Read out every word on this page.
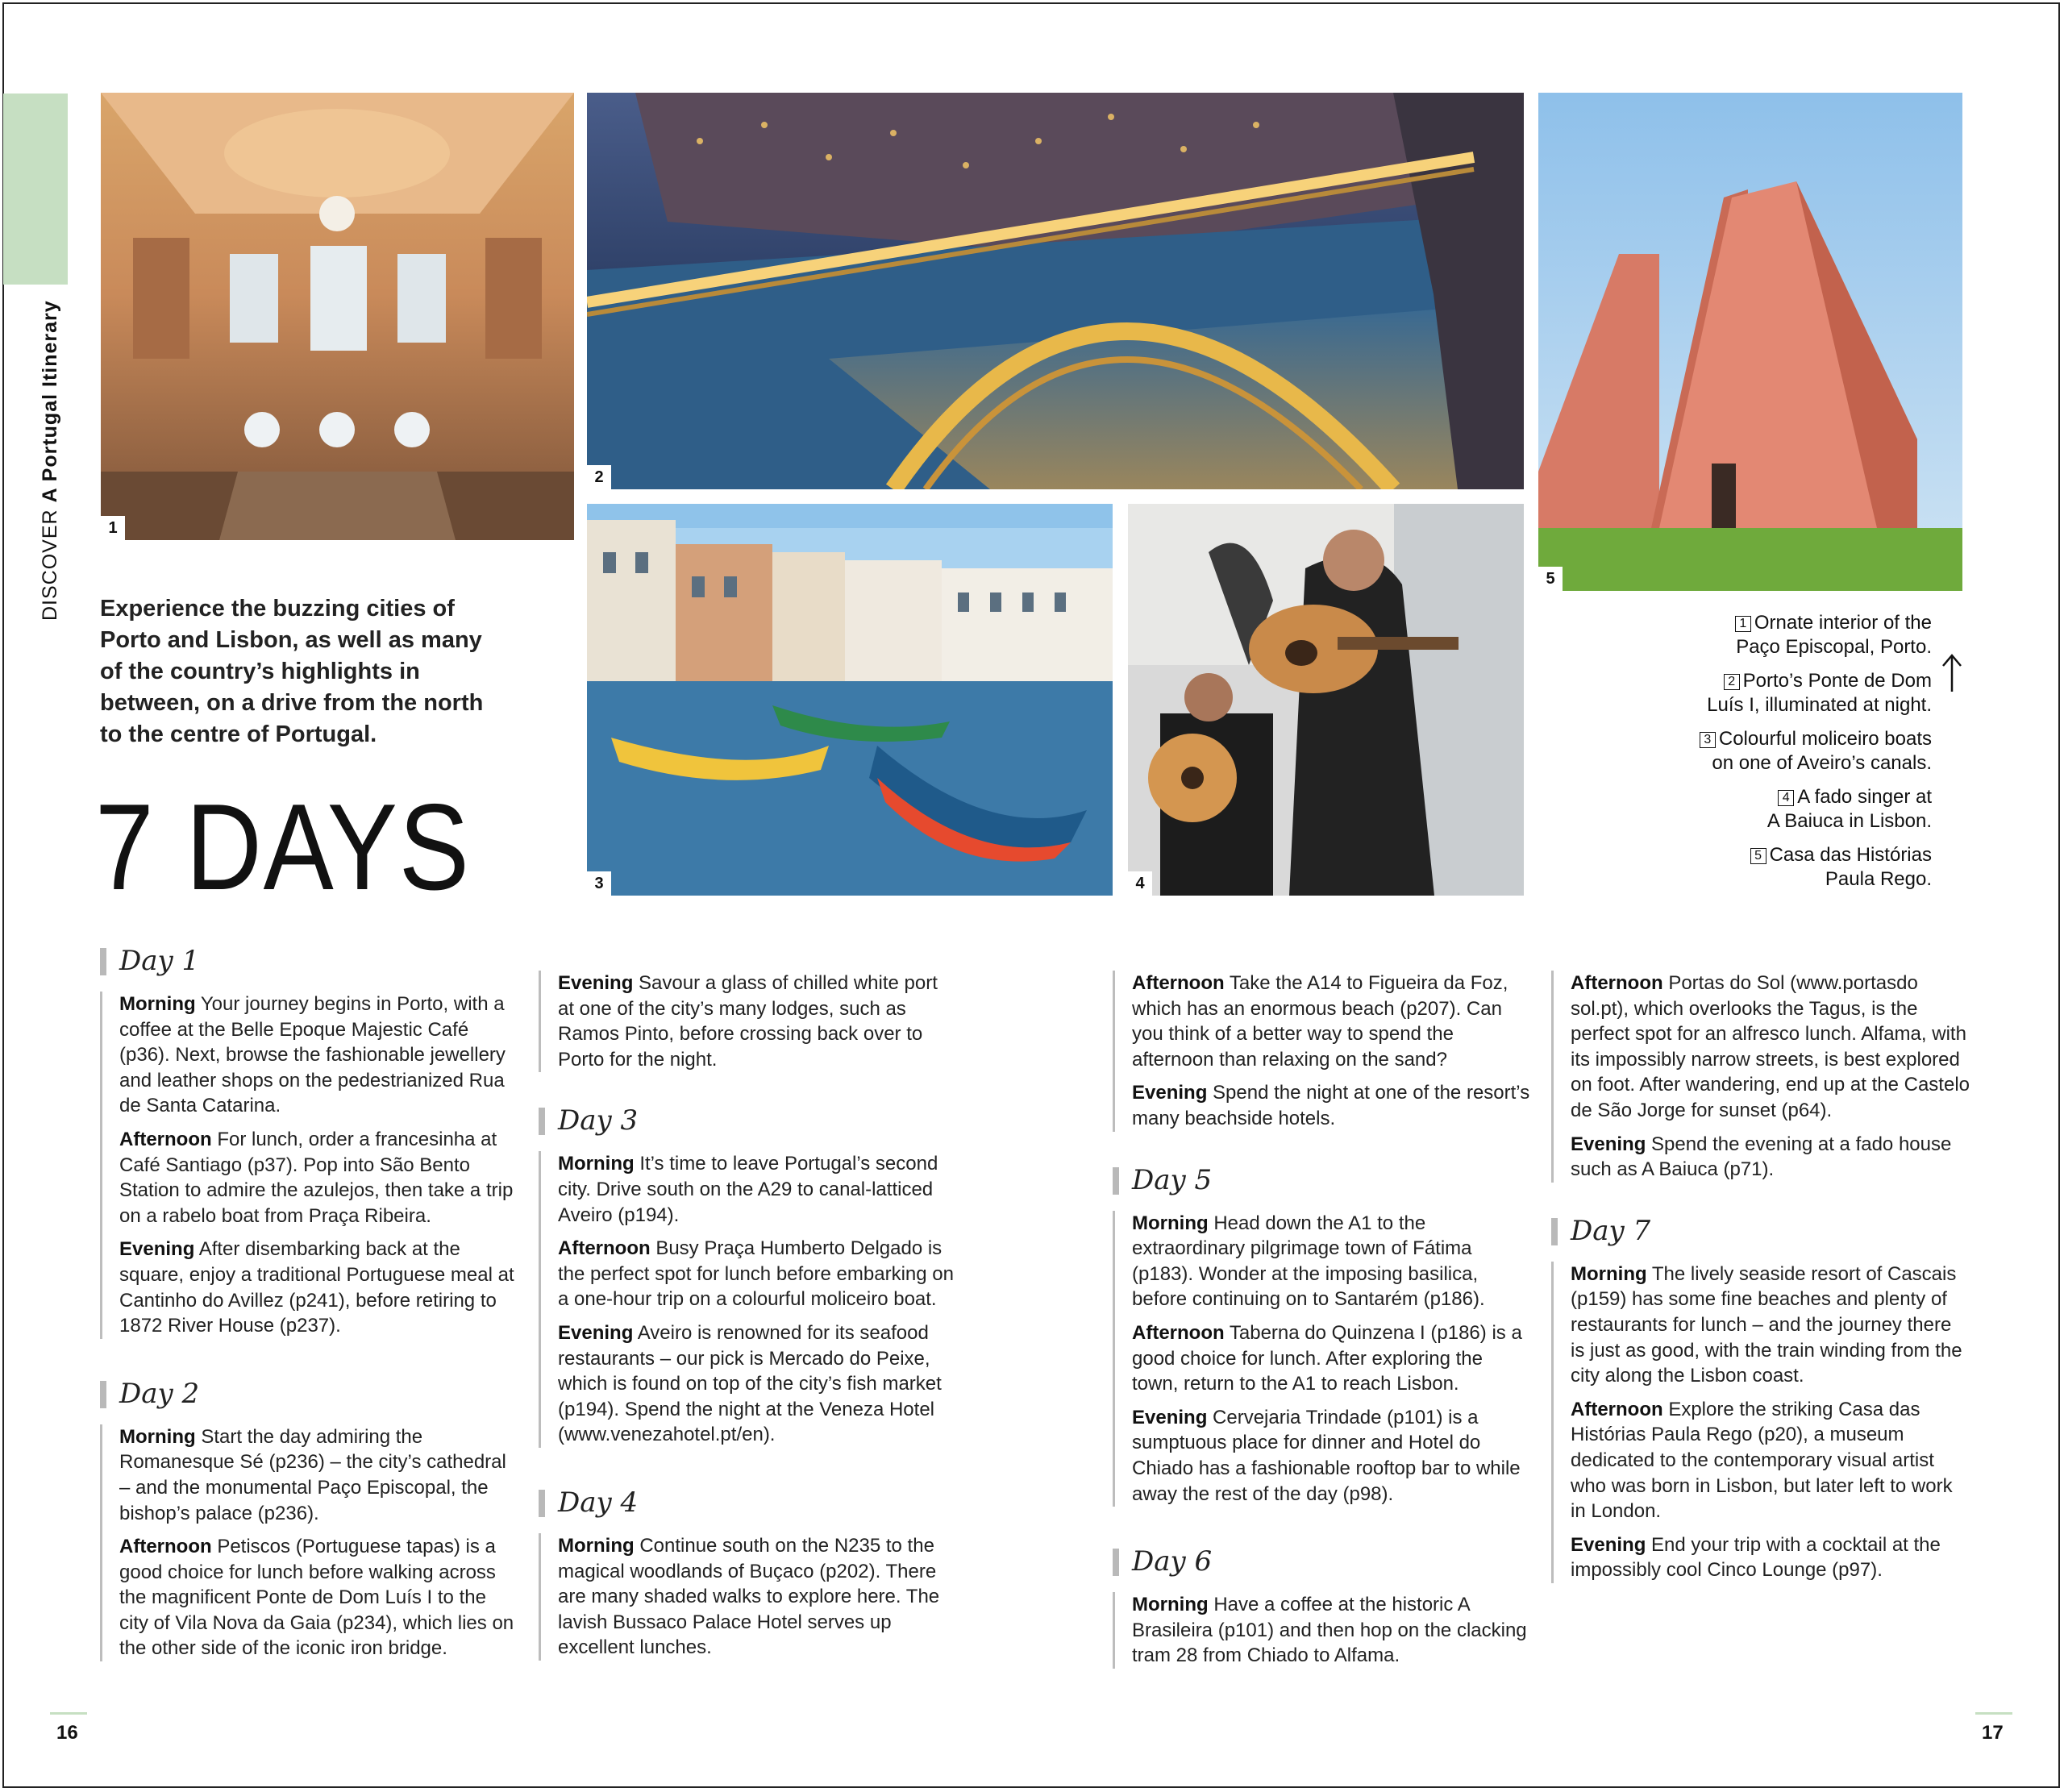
DISCOVERA Portugal Itinerary
1
2
3	4
5
Experience the buzzing cities of Porto and Lisbon, as well as many of the country’s highlights in between, on a drive from the north to the centre of Portugal.
7 DAYS
1 Ornate interior of the
Paço Episcopal, Porto.
2 Porto’s Ponte de Dom
Luís I, illuminated at night.
3 Colourful moliceiro boats
on one of Aveiro’s canals.
4 A fado singer at
A Baiuca in Lisbon.
5 Casa das Histórias
Paula Rego.
Day 1

Morning Your journey begins in Porto, with a coffee at the Belle Epoque Majestic Café (p36). Next, browse the fashionable jewellery and leather shops on the pedestrianized Rua de Santa Catarina.

Afternoon For lunch, order a francesinha at Café Santiago (p37). Pop into São Bento Station to admire the azulejos, then take a trip on a rabelo boat from Praça Ribeira.

Evening After disembarking back at the square, enjoy a traditional Portuguese meal at Cantinho do Avillez (p241), before retiring to 1872 River House (p237).

Day 2

Morning Start the day admiring the Romanesque Sé (p236) – the city’s cathedral – and the monumental Paço Episcopal, the bishop’s palace (p236).

Afternoon Petiscos (Portuguese tapas) is a good choice for lunch before walking across the magnificent Ponte de Dom Luís I to the city of Vila Nova da Gaia (p234), which lies on the other side of the iconic iron bridge.

Evening Savour a glass of chilled white port at one of the city’s many lodges, such as Ramos Pinto, before crossing back over to Porto for the night.

Day 3

Morning It’s time to leave Portugal’s second city. Drive south on the A29 to canal-latticed Aveiro (p194).

Afternoon Busy Praça Humberto Delgado is the perfect spot for lunch before embarking on a one-hour trip on a colourful moliceiro boat.

Evening Aveiro is renowned for its seafood restaurants – our pick is Mercado do Peixe, which is found on top of the city’s fish market (p194). Spend the night at the Veneza Hotel (www.venezahotel.pt/en).

Day 4

Morning Continue south on the N235 to the magical woodlands of Buçaco (p202). There are many shaded walks to explore here. The lavish Bussaco Palace Hotel serves up excellent lunches.

Afternoon Take the A14 to Figueira da Foz, which has an enormous beach (p207). Can you think of a better way to spend the afternoon than relaxing on the sand?

Evening Spend the night at one of the resort’s many beachside hotels.

Day 5

Morning Head down the A1 to the extraordinary pilgrimage town of Fátima (p183). Wonder at the imposing basilica, before continuing on to Santarém (p186).

Afternoon Taberna do Quinzena I (p186) is a good choice for lunch. After exploring the town, return to the A1 to reach Lisbon.

Evening Cervejaria Trindade (p101) is a sumptuous place for dinner and Hotel do Chiado has a fashionable rooftop bar to while away the rest of the day (p98).

Day 6

Morning Have a coffee at the historic A Brasileira (p101) and then hop on the clacking tram 28 from Chiado to Alfama.

Afternoon Portas do Sol (www.portasdo sol.pt), which overlooks the Tagus, is the perfect spot for an alfresco lunch. Alfama, with its impossibly narrow streets, is best explored on foot. After wandering, end up at the Castelo de São Jorge for sunset (p64).

Evening Spend the evening at a fado house such as A Baiuca (p71).

Day 7

Morning The lively seaside resort of Cascais (p159) has some fine beaches and plenty of restaurants for lunch – and the journey there is just as good, with the train winding from the city along the Lisbon coast.

Afternoon Explore the striking Casa das Histórias Paula Rego (p20), a museum dedicated to the contemporary visual artist who was born in Lisbon, but later left to work in London.

Evening End your trip with a cocktail at the impossibly cool Cinco Lounge (p97).

16	17
